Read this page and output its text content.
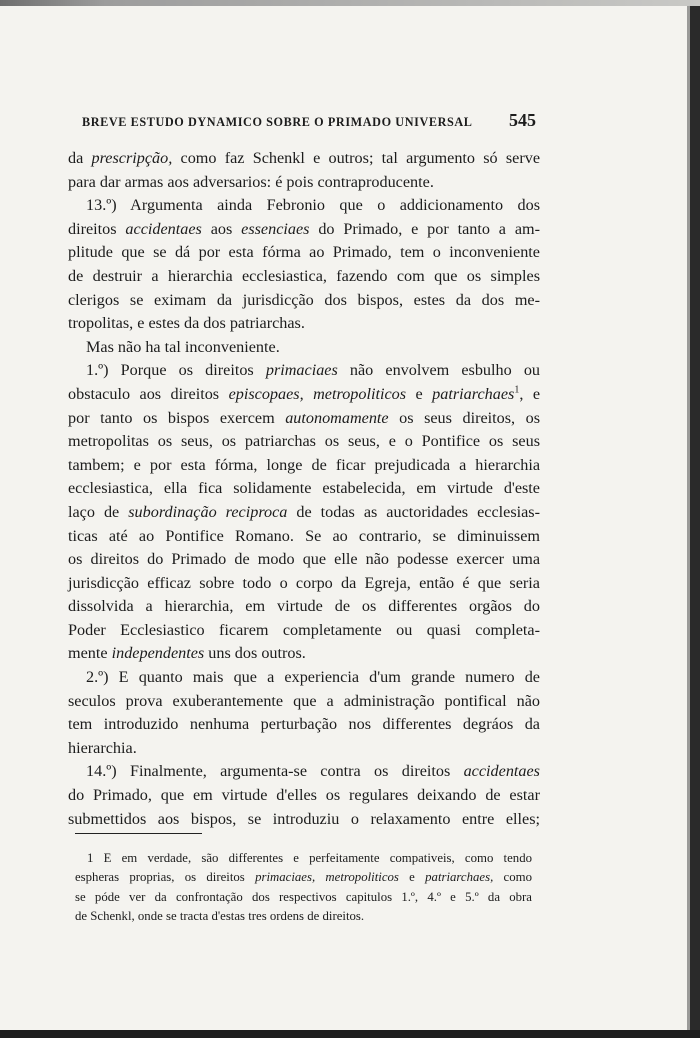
BREVE ESTUDO DYNAMICO SOBRE O PRIMADO UNIVERSAL 545
da prescripção, como faz Schenkl e outros; tal argumento só serve
para dar armas aos adversarios: é pois contraproducente.
13.º) Argumenta ainda Febronio que o addicionamento dos
direitos accidentaes aos essenciaes do Primado, e por tanto a am-
plitude que se dá por esta fórma ao Primado, tem o inconveniente
de destruir a hierarchia ecclesiastica, fazendo com que os simples
clerigos se eximam da jurisdicção dos bispos, estes da dos me-
tropolitas, e estes da dos patriarchas.
Mas não ha tal inconveniente.
1.º) Porque os direitos primaciaes não envolvem esbulho ou
obstaculo aos direitos episcopaes, metropoliticos e patriarchaes$^1$, e
por tanto os bispos exercem autonomamente os seus direitos, os
metropolitas os seus, os patriarchas os seus, e o Pontifice os seus
tambem; e por esta fórma, longe de ficar prejudicada a hierarchia
ecclesiastica, ella fica solidamente estabelecida, em virtude d'este
laço de subordinação reciproca de todas as auctoridades ecclesias-
ticas até ao Pontifice Romano. Se ao contrario, se diminuissem
os direitos do Primado de modo que elle não podesse exercer uma
jurisdicção efficaz sobre todo o corpo da Egreja, então é que seria
dissolvida a hierarchia, em virtude de os differentes orgãos do
Poder Ecclesiastico ficarem completamente ou quasi completa-
mente independentes uns dos outros.
2.º) E quanto mais que a experiencia d'um grande numero de
seculos prova exuberantemente que a administração pontifical não
tem introduzido nenhuma perturbação nos differentes degráos da
hierarchia.
14.º) Finalmente, argumenta-se contra os direitos accidentaes
do Primado, que em virtude d'elles os regulares deixando de estar
submettidos aos bispos, se introduziu o relaxamento entre elles;
1 E em verdade, são differentes e perfeitamente compativeis, como tendo
espheras proprias, os direitos primaciaes, metropoliticos e patriarchaes, como
se póde ver da confrontação dos respectivos capitulos 1.º, 4.º e 5.º da obra
de Schenkl, onde se tracta d'estas tres ordens de direitos.
